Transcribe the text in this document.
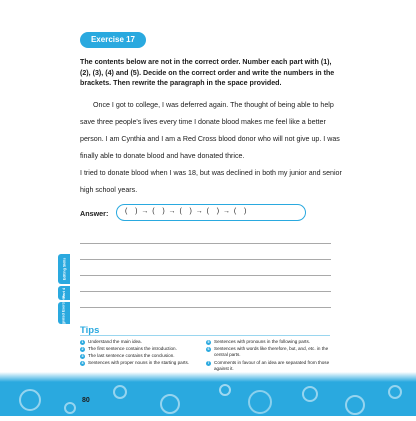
Exercise 17

The contents below are not in the correct order. Number each part with (1), (2), (3), (4) and (5). Decide on the correct order and write the numbers in the brackets. Then rewrite the paragraph in the space provided.

Once I got to college, I was deferred again. The thought of being able to help save three people's lives every time I donate blood makes me feel like a better person. I am Cynthia and I am a Red Cross blood donor who will not give up. I was finally able to donate blood and have donated thrice.

I tried to donate blood when I was 18, but was declined in both my junior and senior high school years.

Answer:	(    )  →  (    )  →  (    )  →  (    )  →  (    )
Editing Skills
Part 4
Integrated Exercises Tips
1 Understand the main idea.
2 The first sentence contains the introduction.
3 The last sentence contains the conclusion.
4 Sentences with proper nouns in the starting parts.
5 Sentences with pronouns in the following parts.
6 Sentences with words like therefore, but, and, etc. in the central parts.
7 Comments in favour of an idea are separated from those against it.
80
